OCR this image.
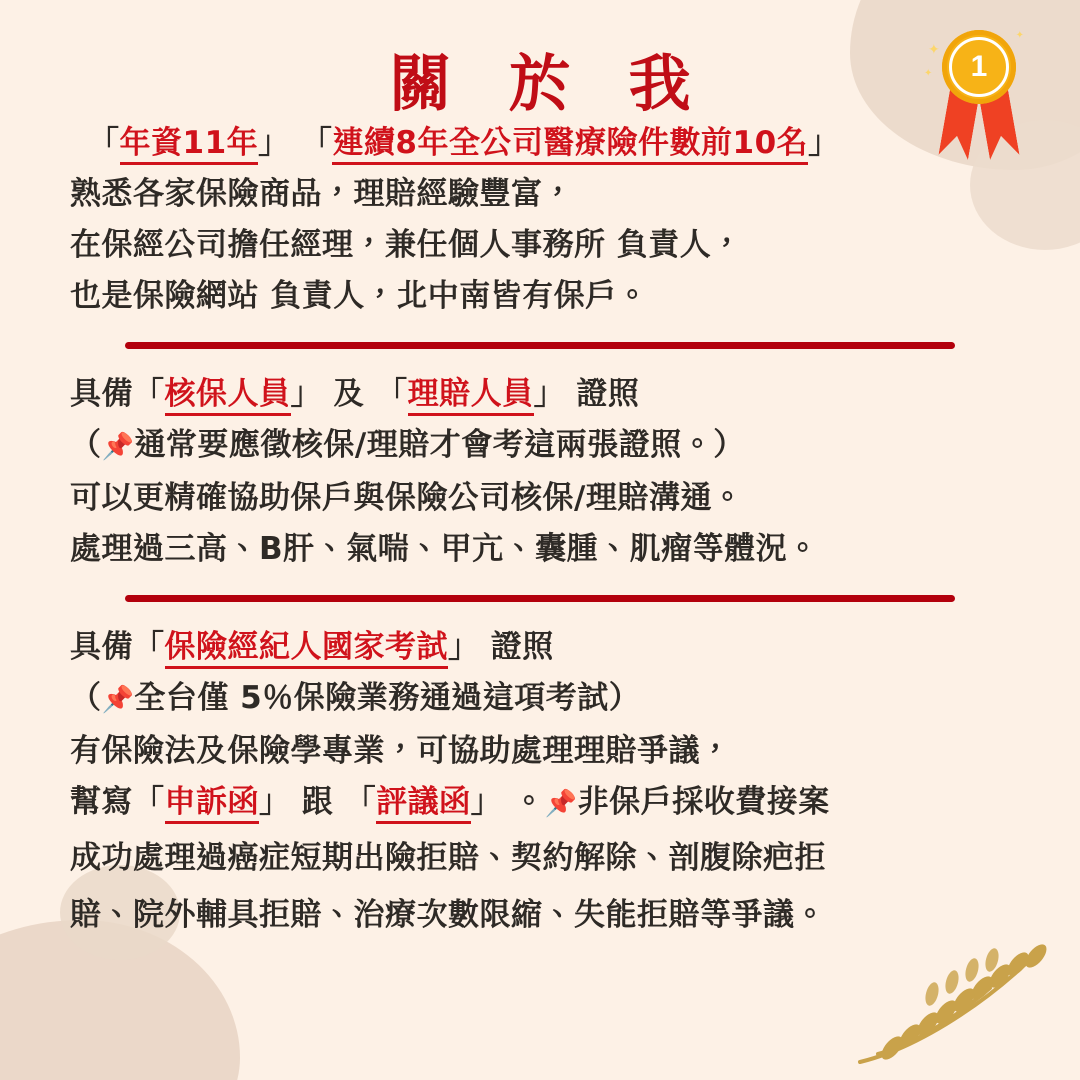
1
✦
✦
✦
關 於 我
「年資11年」 「連續8年全公司醫療險件數前10名」
熟悉各家保險商品，理賠經驗豐富，
在保經公司擔任經理，兼任個人事務所 負責人，
也是保險網站 負責人，北中南皆有保戶。
具備「核保人員」 及 「理賠人員」 證照
（📌通常要應徵核保/理賠才會考這兩張證照。）
可以更精確協助保戶與保險公司核保/理賠溝通。
處理過三高、B肝、氣喘、甲亢、囊腫、肌瘤等體況。
具備「保險經紀人國家考試」 證照
（📌全台僅 5％保險業務通過這項考試）
有保險法及保險學專業，可協助處理理賠爭議，
幫寫「申訴函」 跟 「評議函」 。📌非保戶採收費接案
成功處理過癌症短期出險拒賠、契約解除、剖腹除疤拒
賠、院外輔具拒賠、治療次數限縮、失能拒賠等爭議。
